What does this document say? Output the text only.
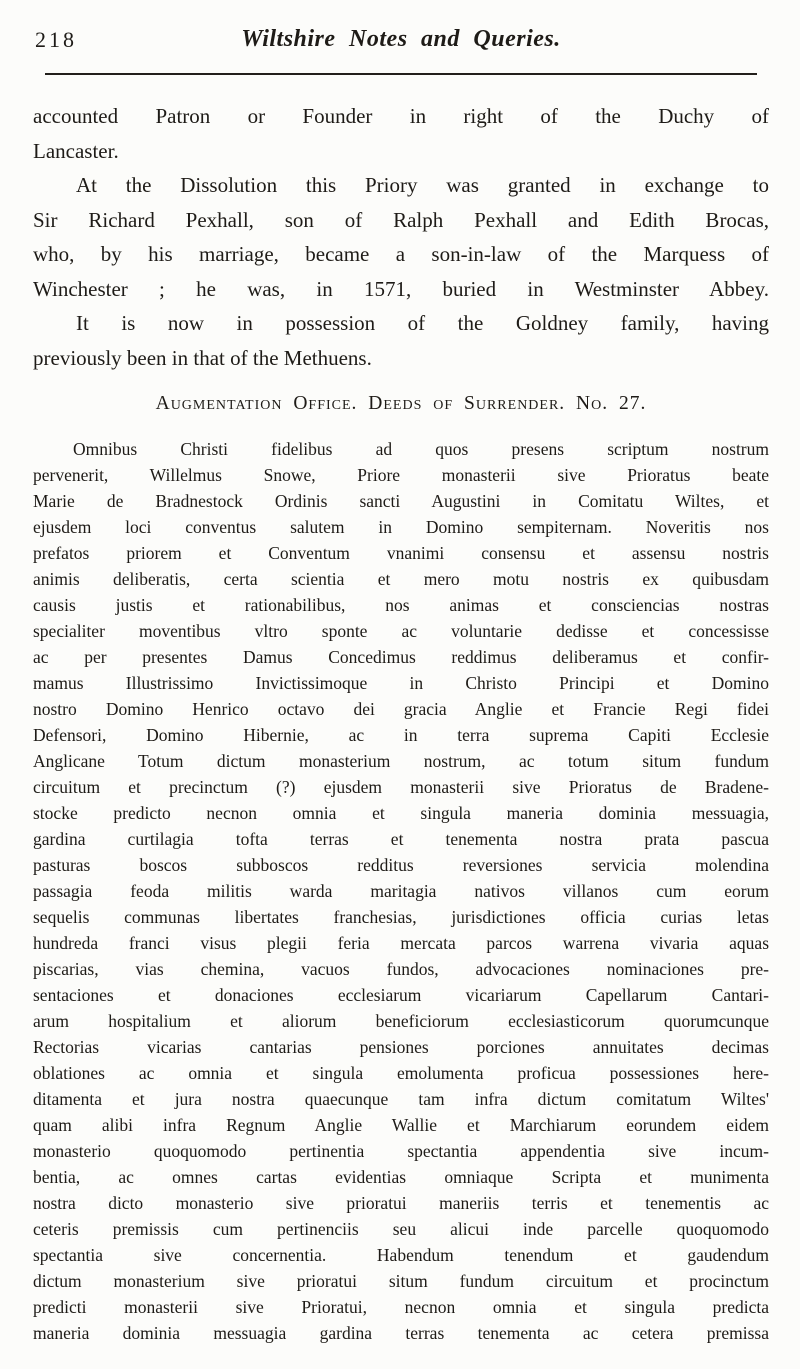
218	Wiltshire Notes and Queries.
accounted Patron or Founder in right of the Duchy of
Lancaster.
At the Dissolution this Priory was granted in exchange to
Sir Richard Pexhall, son of Ralph Pexhall and Edith Brocas,
who, by his marriage, became a son-in-law of the Marquess of
Winchester ; he was, in 1571, buried in Westminster Abbey.
It is now in possession of the Goldney family, having
previously been in that of the Methuens.
Augmentation Office. Deeds of Surrender. No. 27.
Omnibus Christi fidelibus ad quos presens scriptum nostrum
pervenerit, Willelmus Snowe, Priore monasterii sive Prioratus beate
Marie de Bradnestock Ordinis sancti Augustini in Comitatu Wiltes, et
ejusdem loci conventus salutem in Domino sempiternam. Noveritis nos
prefatos priorem et Conventum vnanimi consensu et assensu nostris
animis deliberatis, certa scientia et mero motu nostris ex quibusdam
causis justis et rationabilibus, nos animas et consciencias nostras
specialiter moventibus vltro sponte ac voluntarie dedisse et concessisse
ac per presentes Damus Concedimus reddimus deliberamus et confir-
mamus Illustrissimo Invictissimoque in Christo Principi et Domino
nostro Domino Henrico octavo dei gracia Anglie et Francie Regi fidei
Defensori, Domino Hibernie, ac in terra suprema Capiti Ecclesie
Anglicane Totum dictum monasterium nostrum, ac totum situm fundum
circuitum et precinctum (?) ejusdem monasterii sive Prioratus de Bradene-
stocke predicto necnon omnia et singula maneria dominia messuagia,
gardina curtilagia tofta terras et tenementa nostra prata pascua
pasturas boscos subboscos redditus reversiones servicia molendina
passagia feoda militis warda maritagia nativos villanos cum eorum
sequelis communas libertates franchesias, jurisdictiones officia curias letas
hundreda franci visus plegii feria mercata parcos warrena vivaria aquas
piscarias, vias chemina, vacuos fundos, advocaciones nominaciones pre-
sentaciones et donaciones ecclesiarum vicariarum Capellarum Cantari-
arum hospitalium et aliorum beneficiorum ecclesiasticorum quorumcunque
Rectorias vicarias cantarias pensiones porciones annuitates decimas
oblationes ac omnia et singula emolumenta proficua possessiones here-
ditamenta et jura nostra quaecunque tam infra dictum comitatum Wiltes'
quam alibi infra Regnum Anglie Wallie et Marchiarum eorundem eidem
monasterio quoquomodo pertinentia spectantia appendentia sive incum-
bentia, ac omnes cartas evidentias omniaque Scripta et munimenta
nostra dicto monasterio sive prioratui maneriis terris et tenementis ac
ceteris premissis cum pertinenciis seu alicui inde parcelle quoquomodo
spectantia sive concernentia. Habendum tenendum et gaudendum
dictum monasterium sive prioratui situm fundum circuitum et procinctum
predicti monasterii sive Prioratui, necnon omnia et singula predicta
maneria dominia messuagia gardina terras tenementa ac cetera premissa
